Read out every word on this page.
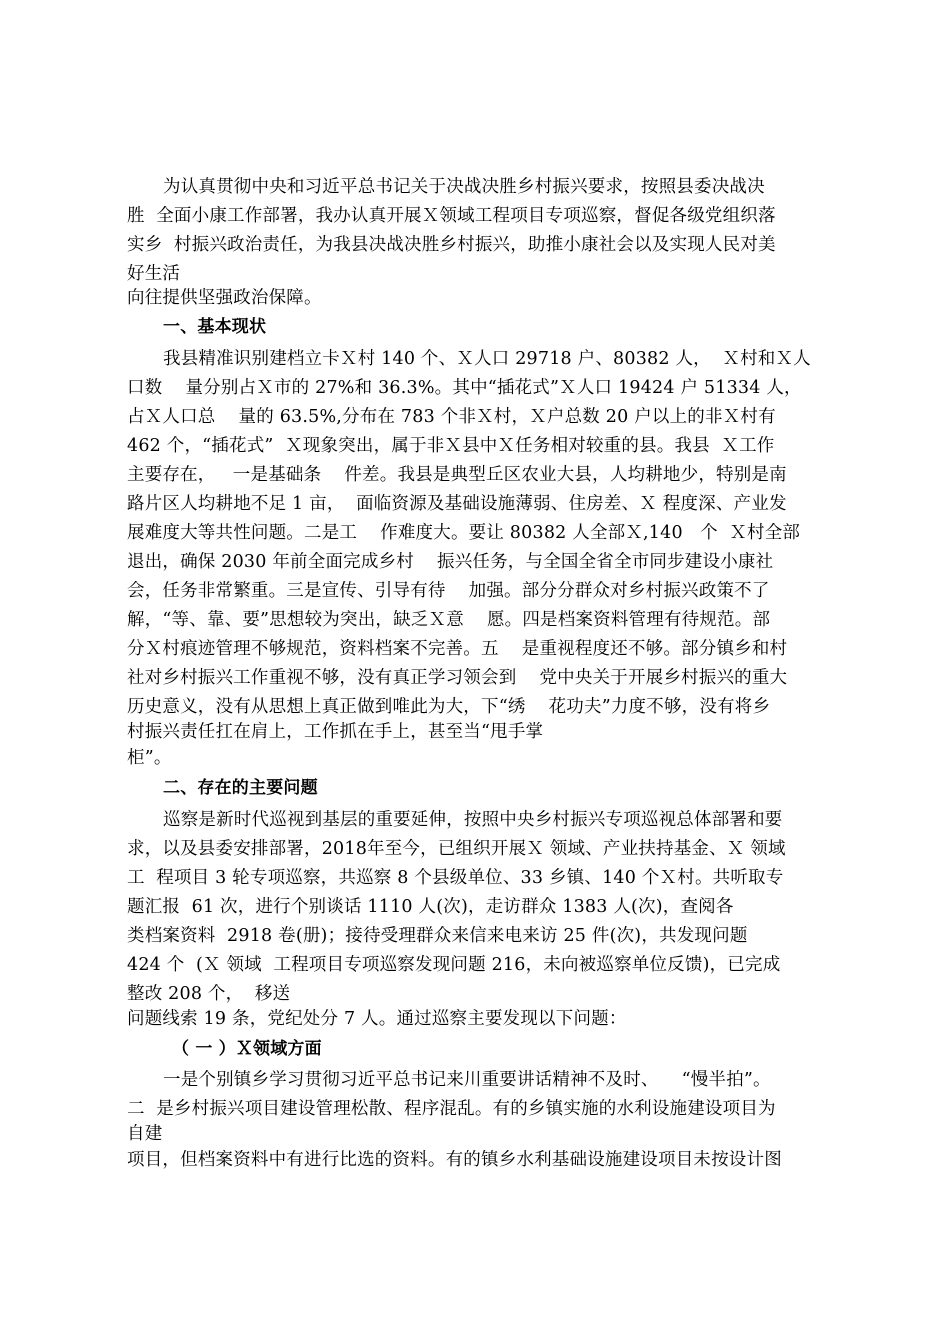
为认真贯彻中央和习近平总书记关于决战决胜乡村振兴要求，按照县委决战决
胜  全面小康工作部署，我办认真开展Ｘ领域工程项目专项巡察，督促各级党组织落
实乡  村振兴政治责任，为我县决战决胜乡村振兴，助推小康社会以及实现人民对美
好生活
向往提供坚强政治保障。
一、基本现状
我县精准识别建档立卡Ｘ村 140 个、Ｘ人口 29718 户、80382 人，  Ｘ村和Ｘ人
口数    量分别占Ｘ市的 27%和 36.3%。其中“插花式”Ｘ人口 19424 户 51334 人，
占Ｘ人口总    量的 63.5%,分布在 783 个非Ｘ村，Ｘ户总数 20 户以上的非Ｘ村有
462 个，“插花式”  Ｘ现象突出，属于非Ｘ县中Ｘ任务相对较重的县。我县  Ｘ工作
主要存在，   一是基础条    件差。我县是典型丘区农业大县，人均耕地少，特别是南
路片区人均耕地不足 1 亩，  面临资源及基础设施薄弱、住房差、Ｘ 程度深、产业发
展难度大等共性问题。二是工    作难度大。要让 80382 人全部Ｘ,140   个  Ｘ村全部
退出，确保 2030 年前全面完成乡村    振兴任务，与全国全省全市同步建设小康社
会，任务非常繁重。三是宣传、引导有待    加强。部分分群众对乡村振兴政策不了
解，“等、靠、要”思想较为突出，缺乏Ｘ意    愿。四是档案资料管理有待规范。部
分Ｘ村痕迹管理不够规范，资料档案不完善。五    是重视程度还不够。部分镇乡和村
社对乡村振兴工作重视不够，没有真正学习领会到    党中央关于开展乡村振兴的重大
历史意义，没有从思想上真正做到唯此为大，下“绣    花功夫”力度不够，没有将乡
村振兴责任扛在肩上，工作抓在手上，甚至当“甩手掌
柜”。
二、存在的主要问题
巡察是新时代巡视到基层的重要延伸，按照中央乡村振兴专项巡视总体部署和要
求，以及县委安排部署，2018年至今，已组织开展Ｘ 领域、产业扶持基金、Ｘ 领域
工  程项目 3 轮专项巡察，共巡察 8 个县级单位、33 乡镇、140 个Ｘ村。共听取专
题汇报  61 次，进行个别谈话 1110 人(次)，走访群众 1383 人(次)，查阅各
类档案资料  2918 卷(册)；接待受理群众来信来电来访 25 件(次)，共发现问题
424 个  (Ｘ 领域  工程项目专项巡察发现问题 216，未向被巡察单位反馈)，已完成
整改 208 个，  移送
问题线索 19 条，党纪处分 7 人。通过巡察主要发现以下问题：
（ 一 ）Ｘ领域方面
一是个别镇乡学习贯彻习近平总书记来川重要讲话精神不及时、    “慢半拍”。
二  是乡村振兴项目建设管理松散、程序混乱。有的乡镇实施的水利设施建设项目为
自建
项目，但档案资料中有进行比选的资料。有的镇乡水利基础设施建设项目未按设计图
